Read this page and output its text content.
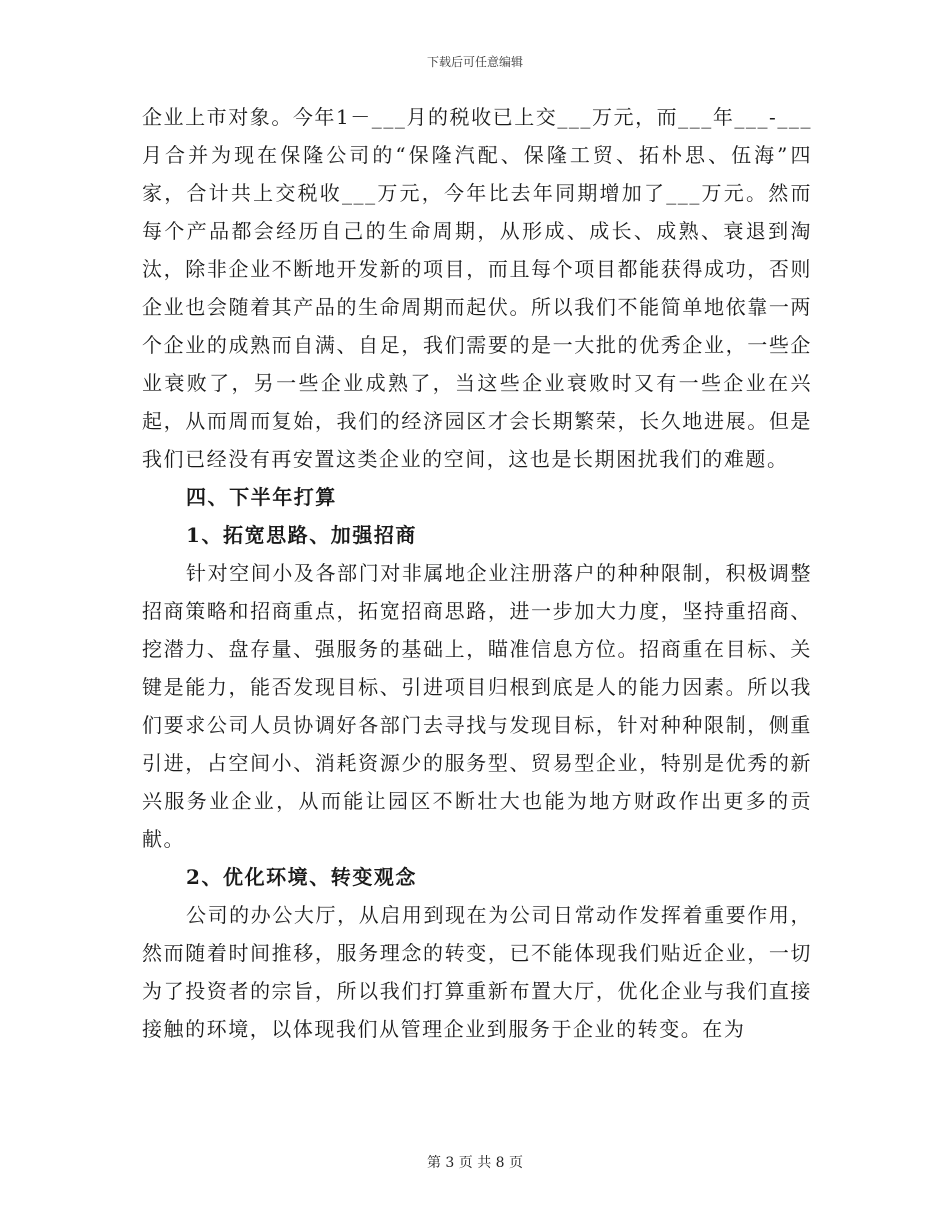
下载后可任意编辑

企业上市对象。今年1－___月的税收已上交___万元，而___年___-___月合并为现在保隆公司的“保隆汽配、保隆工贸、拓朴思、伍海”四家，合计共上交税收___万元，今年比去年同期增加了___万元。然而每个产品都会经历自己的生命周期，从形成、成长、成熟、衰退到淘汰，除非企业不断地开发新的项目，而且每个项目都能获得成功，否则企业也会随着其产品的生命周期而起伏。所以我们不能简单地依靠一两个企业的成熟而自满、自足，我们需要的是一大批的优秀企业，一些企业衰败了，另一些企业成熟了，当这些企业衰败时又有一些企业在兴起，从而周而复始，我们的经济园区才会长期繁荣，长久地进展。但是我们已经没有再安置这类企业的空间，这也是长期困扰我们的难题。

四、下半年打算

1、拓宽思路、加强招商

针对空间小及各部门对非属地企业注册落户的种种限制，积极调整招商策略和招商重点，拓宽招商思路，进一步加大力度，坚持重招商、挖潜力、盘存量、强服务的基础上，瞄准信息方位。招商重在目标、关键是能力，能否发现目标、引进项目归根到底是人的能力因素。所以我们要求公司人员协调好各部门去寻找与发现目标，针对种种限制，侧重引进，占空间小、消耗资源少的服务型、贸易型企业，特别是优秀的新兴服务业企业，从而能让园区不断壮大也能为地方财政作出更多的贡献。

2、优化环境、转变观念

公司的办公大厅，从启用到现在为公司日常动作发挥着重要作用，然而随着时间推移，服务理念的转变，已不能体现我们贴近企业，一切为了投资者的宗旨，所以我们打算重新布置大厅，优化企业与我们直接接触的环境，以体现我们从管理企业到服务于企业的转变。在为

第 3 页 共 8 页
